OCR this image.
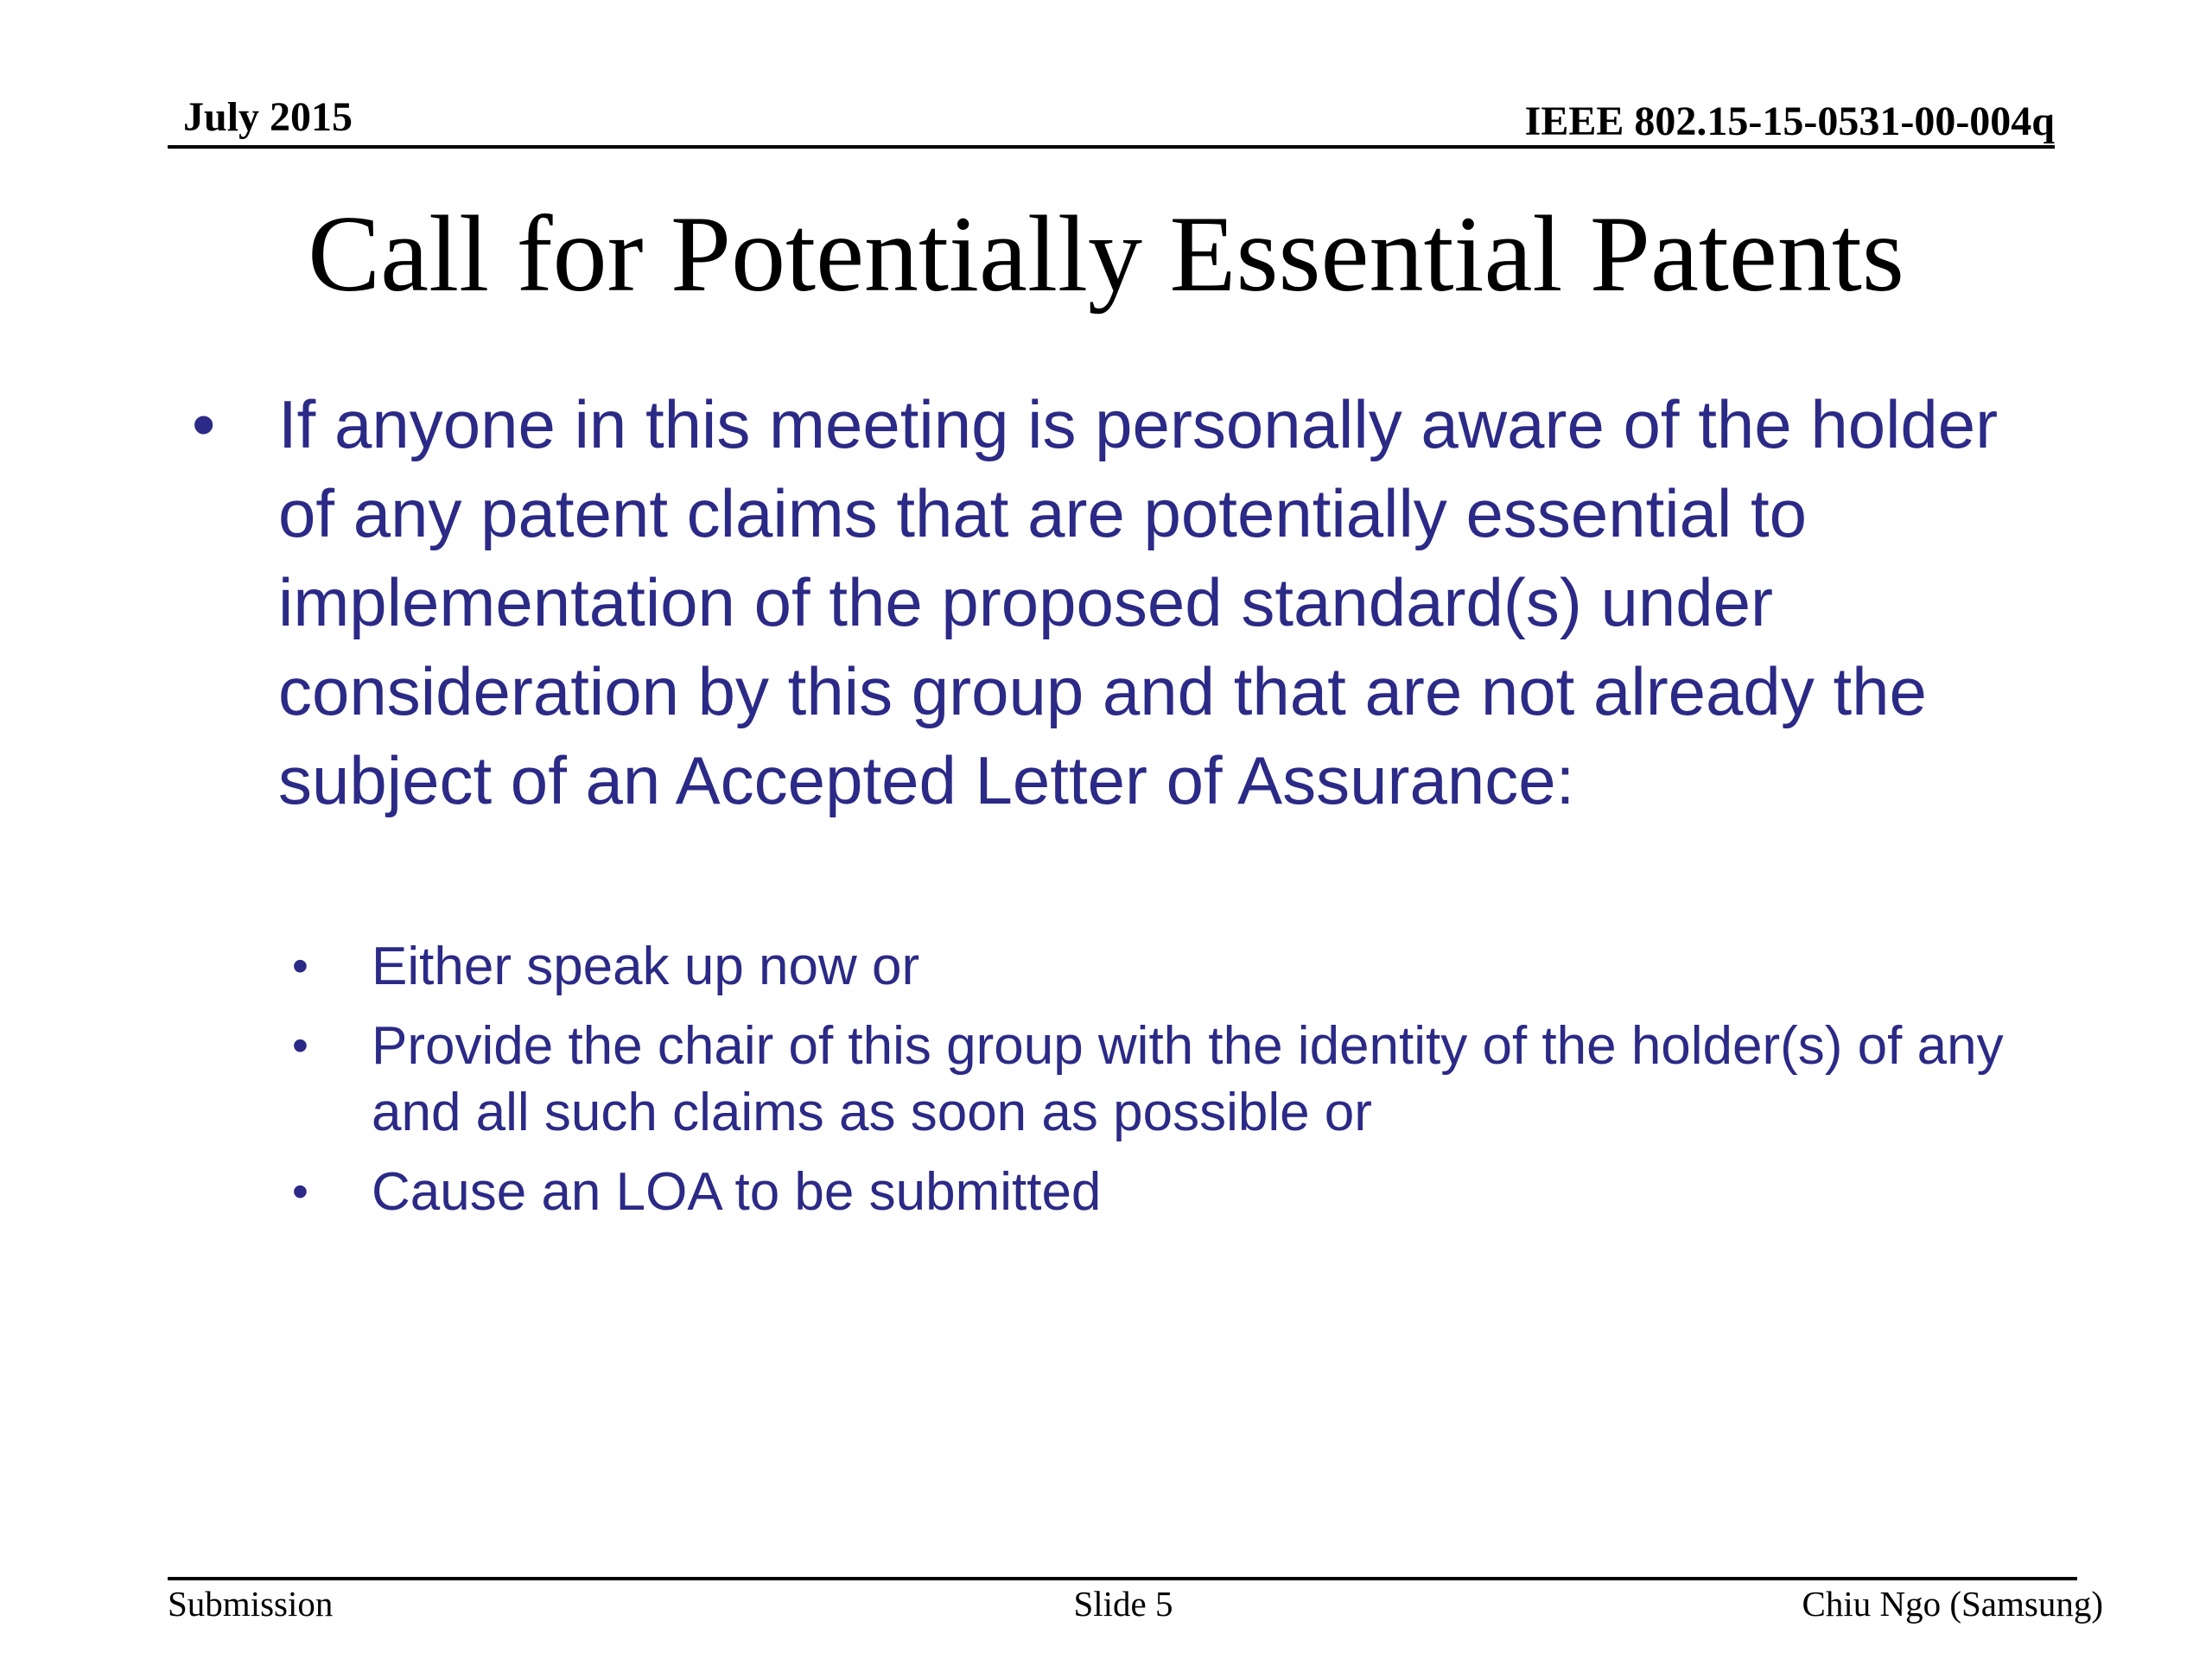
July 2015	IEEE 802.15-15-0531-00-004q
Call for Potentially Essential Patents
• If anyone in this meeting is personally aware of the holder of any patent claims that are potentially essential to implementation of the proposed standard(s) under consideration by this group and that are not already the subject of an Accepted Letter of Assurance:
• Either speak up now or
• Provide the chair of this group with the identity of the holder(s) of any and all such claims as soon as possible or
• Cause an LOA to be submitted
Submission	Slide 5	Chiu Ngo (Samsung)
